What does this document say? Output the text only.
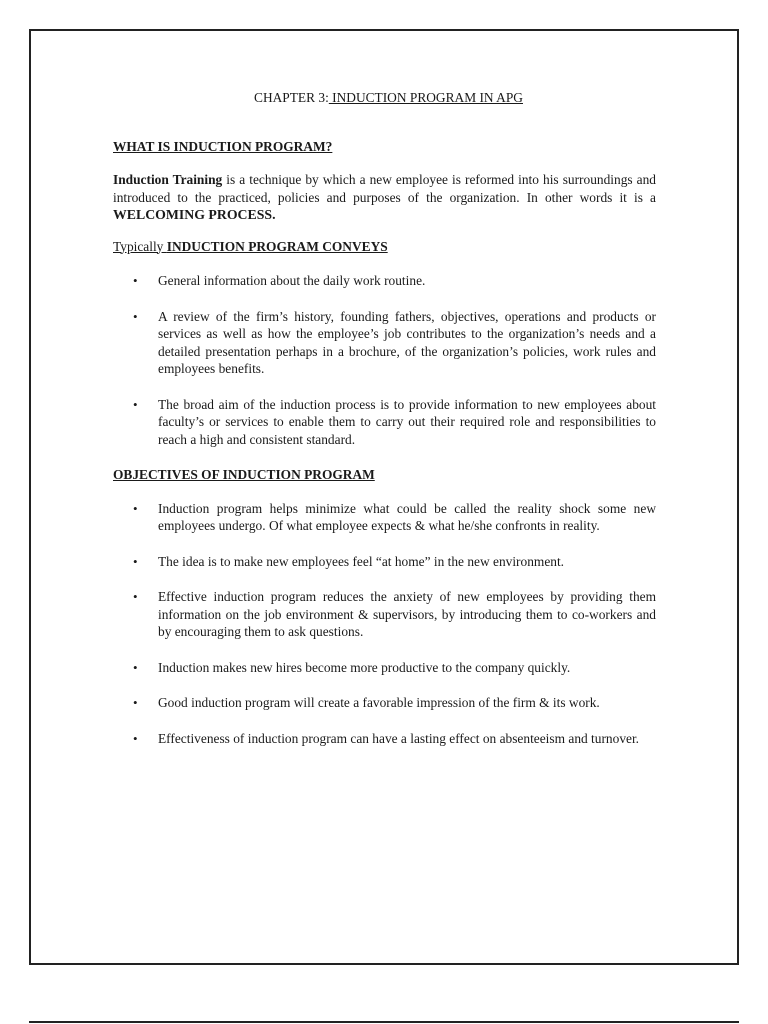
CHAPTER 3: INDUCTION PROGRAM IN APG
WHAT IS INDUCTION PROGRAM?
Induction Training is a technique by which a new employee is reformed into his surroundings and introduced to the practiced, policies and purposes of the organization. In other words it is a WELCOMING PROCESS.
Typically INDUCTION PROGRAM CONVEYS
• General information about the daily work routine.
• A review of the firm’s history, founding fathers, objectives, operations and products or services as well as how the employee’s job contributes to the organization’s needs and a detailed presentation perhaps in a brochure, of the organization’s policies, work rules and employees benefits.
• The broad aim of the induction process is to provide information to new employees about faculty’s or services to enable them to carry out their required role and responsibilities to reach a high and consistent standard.
OBJECTIVES OF INDUCTION PROGRAM
• Induction program helps minimize what could be called the reality shock some new employees undergo. Of what employee expects & what he/she confronts in reality.
• The idea is to make new employees feel “at home” in the new environment.
• Effective induction program reduces the anxiety of new employees by providing them information on the job environment & supervisors, by introducing them to co-workers and by encouraging them to ask questions.
• Induction makes new hires become more productive to the company quickly.
• Good induction program will create a favorable impression of the firm & its work.
• Effectiveness of induction program can have a lasting effect on absenteeism and turnover.
